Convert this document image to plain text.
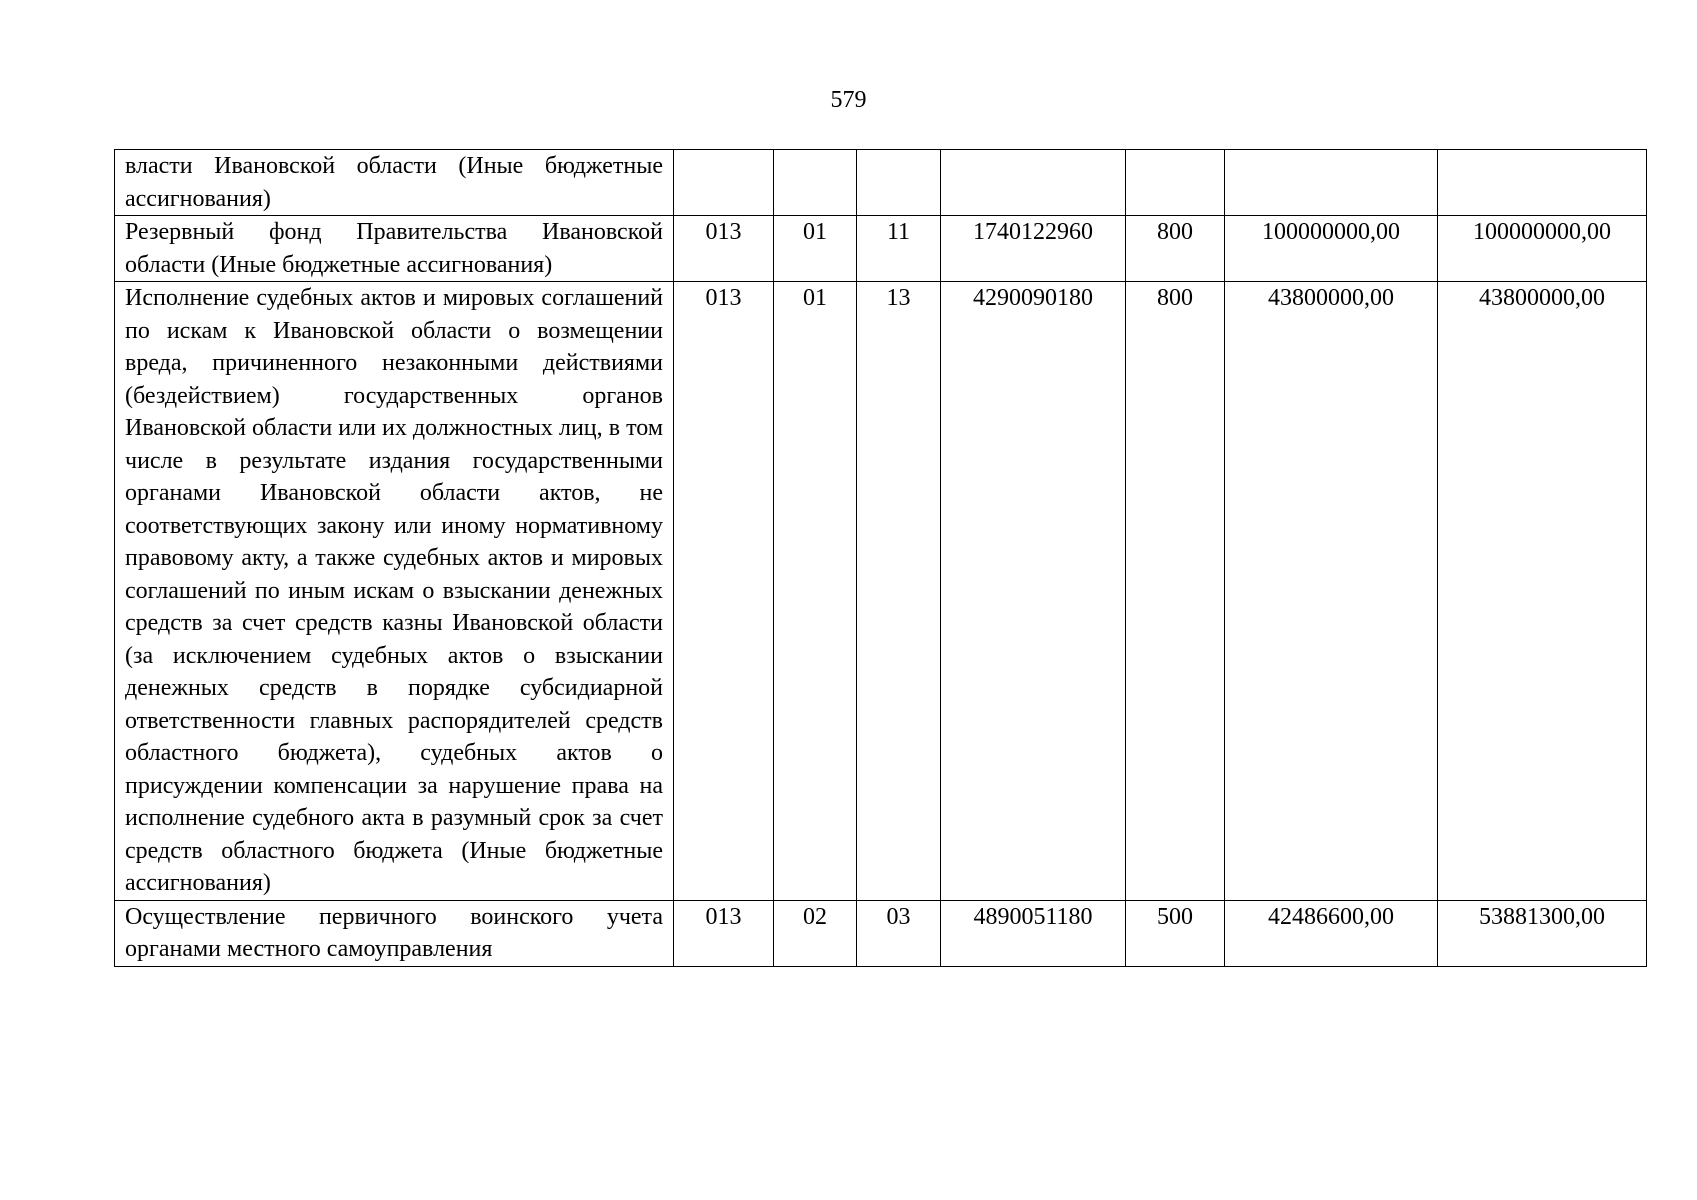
579
власти Ивановской области (Иные бюджетные ассигнования)							
Резервный фонд Правительства Ивановской области (Иные бюджетные ассигнования)	013	01	11	1740122960	800	100000000,00	100000000,00
Исполнение судебных актов и мировых соглашений по искам к Ивановской области о возмещении вреда, причиненного незаконными действиями (бездействием) государственных органов Ивановской области или их должностных лиц, в том числе в результате издания государственными органами Ивановской области актов, не соответствующих закону или иному нормативному правовому акту, а также судебных актов и мировых соглашений по иным искам о взыскании денежных средств за счет средств казны Ивановской области (за исключением судебных актов о взыскании денежных средств в порядке субсидиарной ответственности главных распорядителей средств областного бюджета), судебных актов о присуждении компенсации за нарушение права на исполнение судебного акта в разумный срок за счет средств областного бюджета (Иные бюджетные ассигнования)	013	01	13	4290090180	800	43800000,00	43800000,00
Осуществление первичного воинского учета органами местного самоуправления	013	02	03	4890051180	500	42486600,00	53881300,00
